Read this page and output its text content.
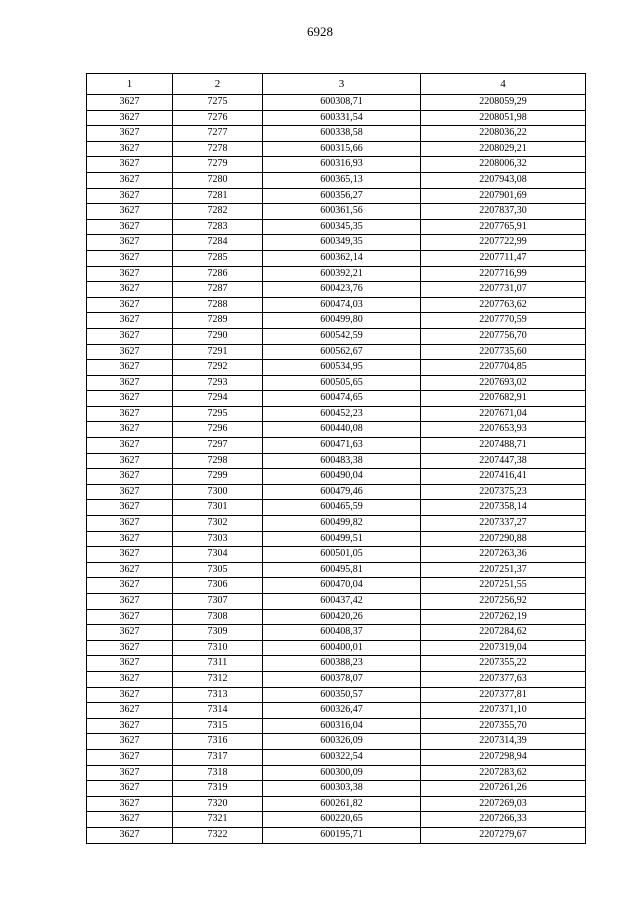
6928
1	2	3	4
3627	7275	600308,71	2208059,29
3627	7276	600331,54	2208051,98
3627	7277	600338,58	2208036,22
3627	7278	600315,66	2208029,21
3627	7279	600316,93	2208006,32
3627	7280	600365,13	2207943,08
3627	7281	600356,27	2207901,69
3627	7282	600361,56	2207837,30
3627	7283	600345,35	2207765,91
3627	7284	600349,35	2207722,99
3627	7285	600362,14	2207711,47
3627	7286	600392,21	2207716,99
3627	7287	600423,76	2207731,07
3627	7288	600474,03	2207763,62
3627	7289	600499,80	2207770,59
3627	7290	600542,59	2207756,70
3627	7291	600562,67	2207735,60
3627	7292	600534,95	2207704,85
3627	7293	600505,65	2207693,02
3627	7294	600474,65	2207682,91
3627	7295	600452,23	2207671,04
3627	7296	600440,08	2207653,93
3627	7297	600471,63	2207488,71
3627	7298	600483,38	2207447,38
3627	7299	600490,04	2207416,41
3627	7300	600479,46	2207375,23
3627	7301	600465,59	2207358,14
3627	7302	600499,82	2207337,27
3627	7303	600499,51	2207290,88
3627	7304	600501,05	2207263,36
3627	7305	600495,81	2207251,37
3627	7306	600470,04	2207251,55
3627	7307	600437,42	2207256,92
3627	7308	600420,26	2207262,19
3627	7309	600408,37	2207284,62
3627	7310	600400,01	2207319,04
3627	7311	600388,23	2207355,22
3627	7312	600378,07	2207377,63
3627	7313	600350,57	2207377,81
3627	7314	600326,47	2207371,10
3627	7315	600316,04	2207355,70
3627	7316	600326,09	2207314,39
3627	7317	600322,54	2207298,94
3627	7318	600300,09	2207283,62
3627	7319	600303,38	2207261,26
3627	7320	600261,82	2207269,03
3627	7321	600220,65	2207266,33
3627	7322	600195,71	2207279,67
